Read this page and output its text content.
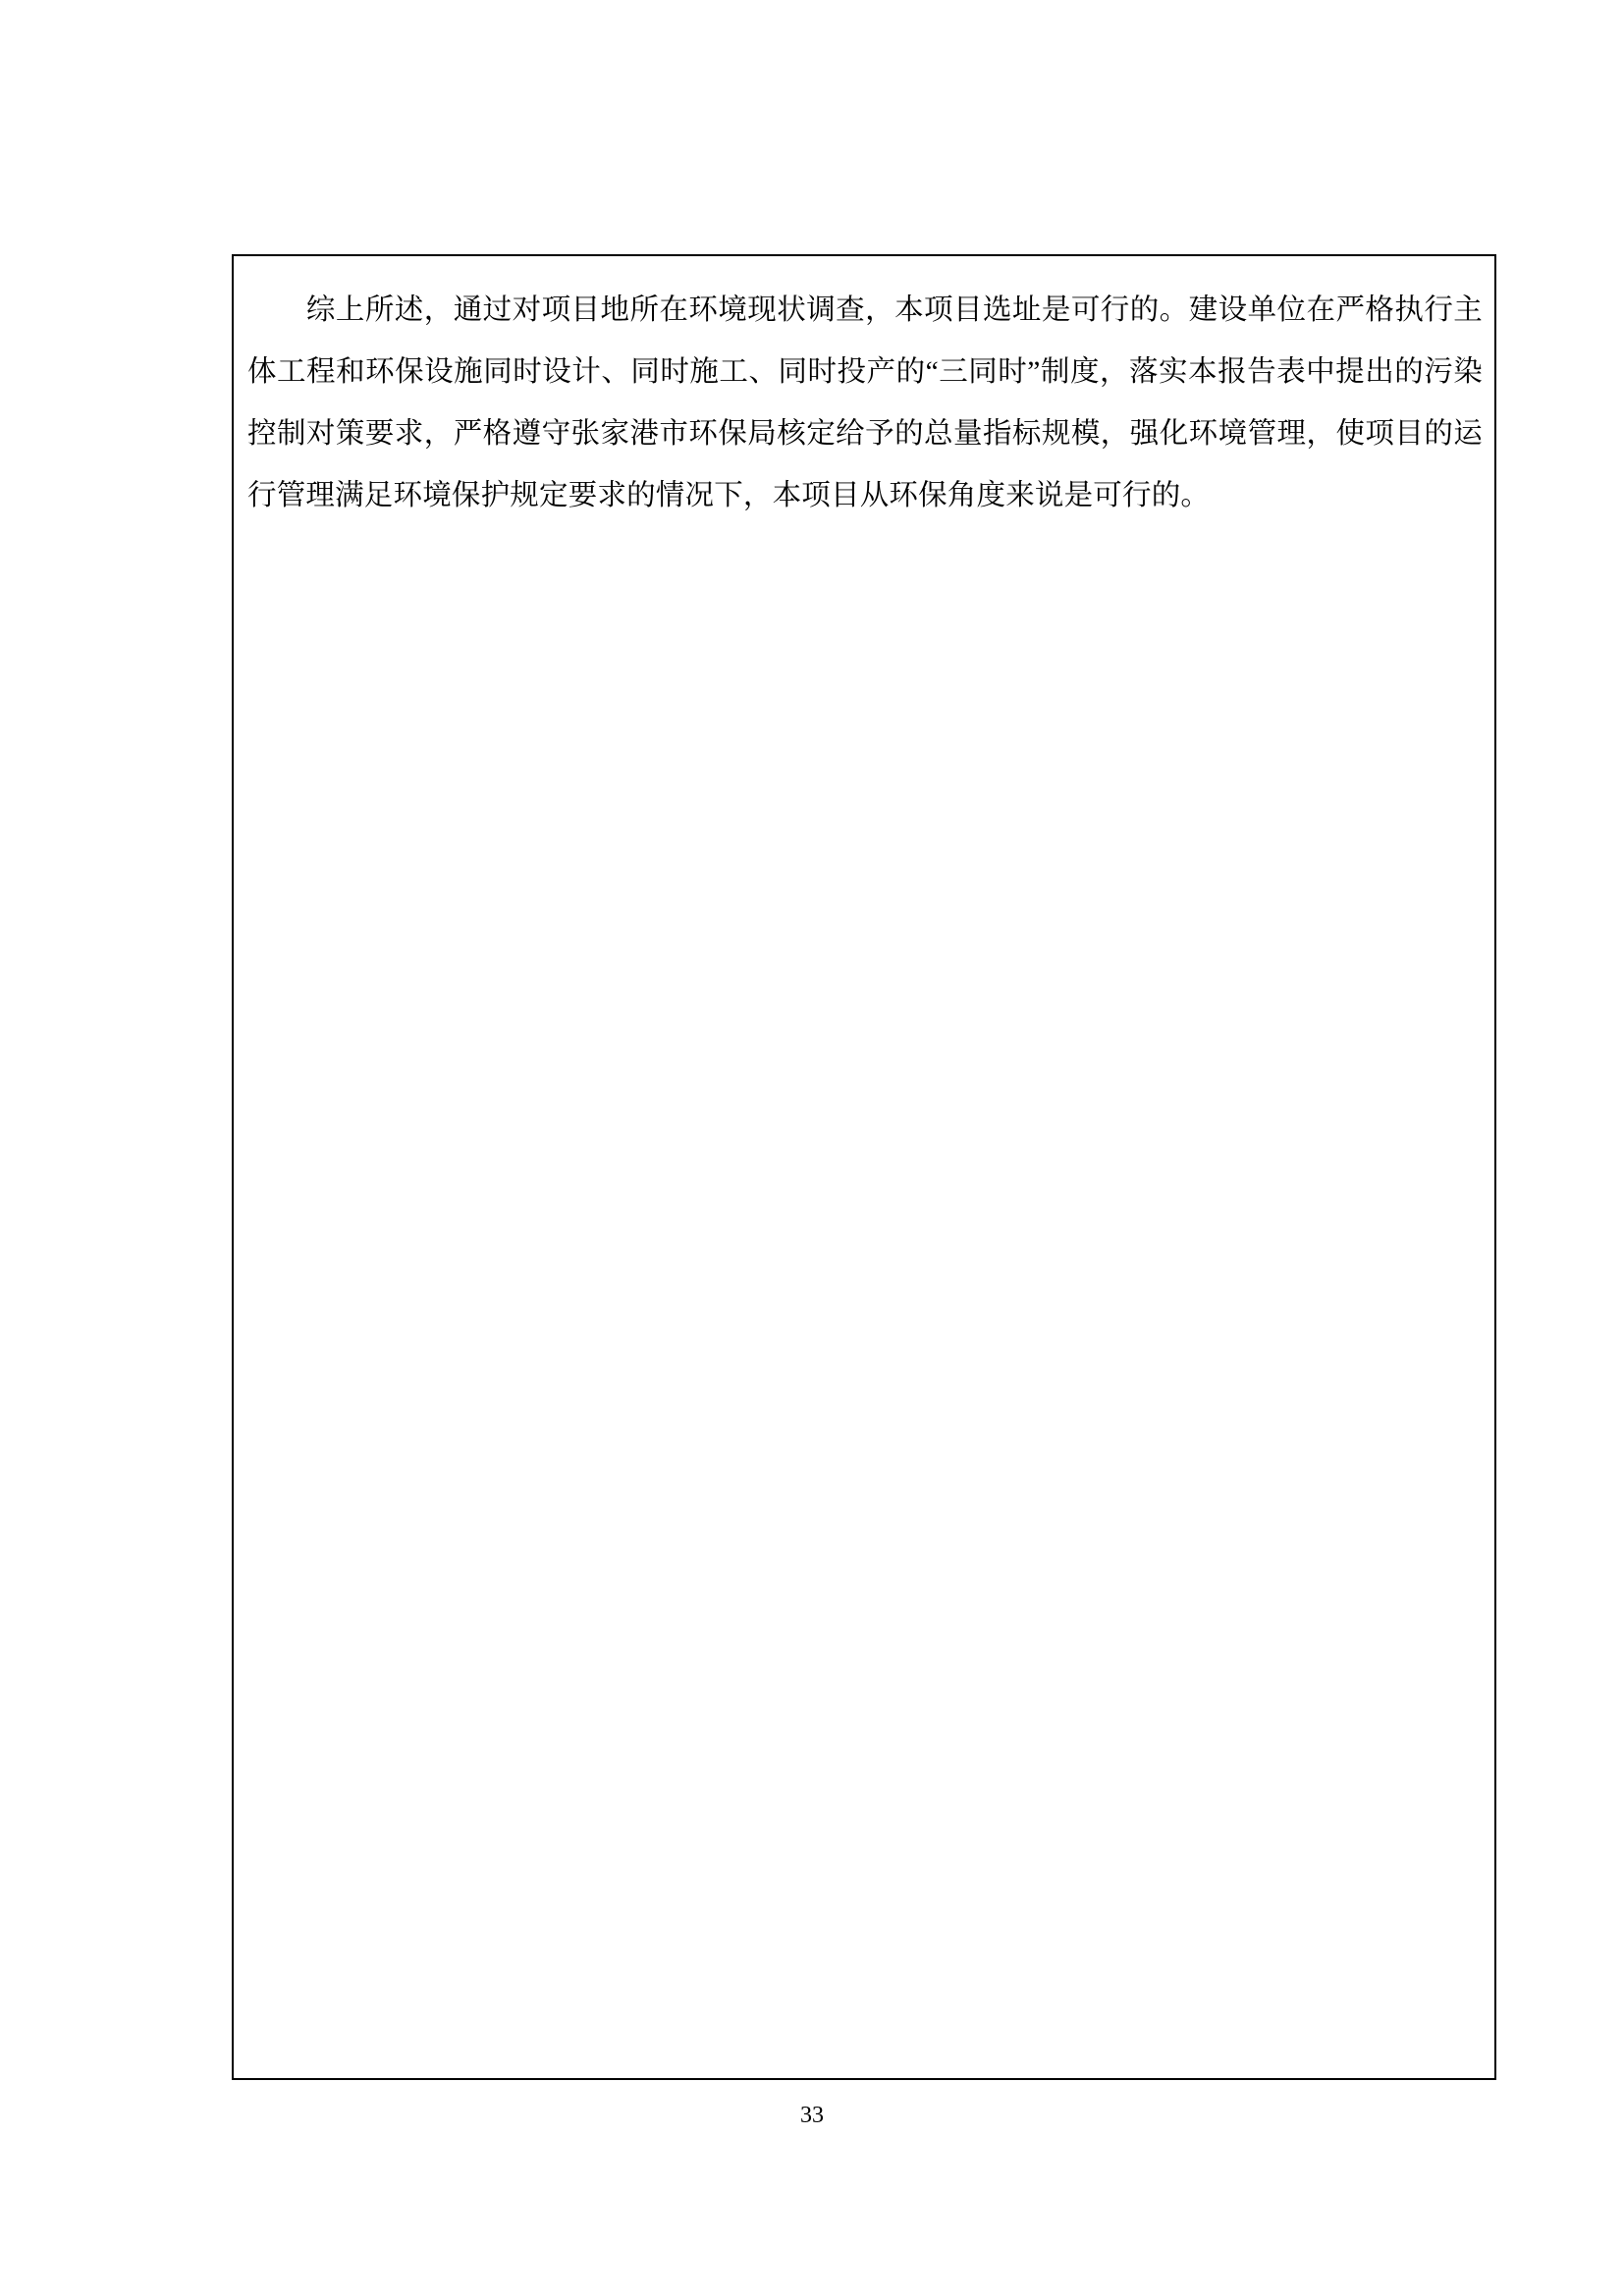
　　综上所述，通过对项目地所在环境现状调查，本项目选址是可行的。建设单位在严格执行主体工程和环保设施同时设计、同时施工、同时投产的“三同时”制度，落实本报告表中提出的污染控制对策要求，严格遵守张家港市环保局核定给予的总量指标规模，强化环境管理，使项目的运行管理满足环境保护规定要求的情况下，本项目从环保角度来说是可行的。
33
